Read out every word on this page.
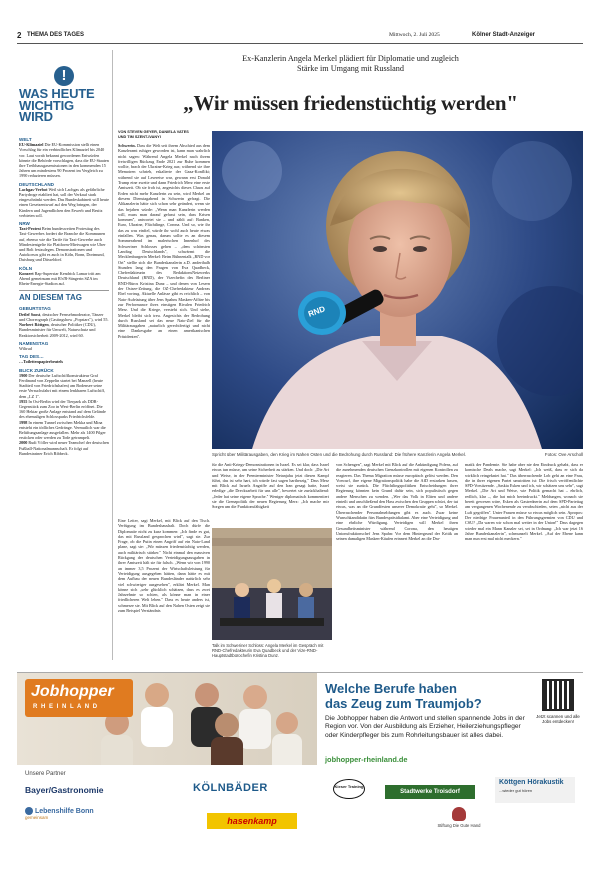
2 THEMA DES TAGES	Mittwoch, 2. Juli 2025	Kölner Stadt-Anzeiger
!
WAS HEUTE
WICHTIG
WIRD
WELT
EU-Klimaziel Die EU-Kommission stellt einen Vorschlag für ein verbindliches Klimaziel bis 2040 vor. Laut vorab bekannt gewordenen Entwürfen könnte die Behörde vorschlagen, dass die EU-Staaten ihre Treibhausgasemissionen in den kommenden 15 Jahren um mindestens 90 Prozent im Vergleich zu 1990 reduzieren müssen.
DEUTSCHLAND
Lachgas-Verbot Weil sich Lachgas als gefährliche Partydroge etabliert hat, soll der Verkauf stark eingeschränkt werden. Das Bundeskabinett will heute einen Gesetzentwurf auf den Weg bringen, der Kindern und Jugendlichen den Erwerb und Besitz verbieten soll.
NRW
Taxi-Protest Beim bundesweiten Protesttag des Taxi-Gewerbes fordert die Branche die Kommunen auf, ebenso wie die Tarife für Taxi-Gewerbe auch Mindestentgelte für Plattform-Mietwagen wie Uber und Bolt festzulegen. Demonstrationen und Autokorsos gibt es auch in Köln, Bonn, Dortmund, Duisburg und Düsseldorf.
KÖLN
Konzert Rap-Superstar Kendrick Lamar tritt am Abend gemeinsam mit R'n'B-Sängerin SZA im Rhein-Energie-Stadion auf.
AN DIESEM TAG
GEBURTSTAG
Detlef Soost, deutscher Fernsehmoderator, Tänzer und Choreograph (Castingshow „Popstars"), wird 55.
Norbert Röttgen, deutscher Politiker (CDU), Bundesminister für Umwelt, Naturschutz und Reaktorsicherheit 2009-2012, wird 60.
NAMENSTAG
Wiltrud
TAG DES…
…Toilettenpapierbeutels
BLICK ZURÜCK
1900 Der deutsche Luftschiffkonstrukteur Graf Ferdinand von Zeppelin startet bei Manzell (heute Stadtteil von Friedrichshafen) am Bodensee seine erste Versuchsfahrt mit einem lenkbaren Luftschiff, dem „LZ 1".
1955 In Ost-Berlin wird der Tierpark als DDR-Gegenstück zum Zoo in West-Berlin eröffnet. Die 160 Hektar große Anlage entstand auf dem Gelände des ehemaligen Schlossparks Friedrichsfelde.
1998 In einem Tunnel zwischen Mekka und Mina entsteht ein tödliches Gedränge. Vermutlich war die Belüftungsanlage ausgefallen. Mehr als 1400 Pilger ersticken oder werden zu Tode getrampelt.
2000 Rudi Völler wird neuer Teamchef der deutschen Fußball-Nationalmannschaft. Er folgt auf Bundestrainer Erich Ribbeck.
Ex-Kanzlerin Angela Merkel plädiert für Diplomatie und zugleich
Stärke im Umgang mit Russland
„Wir müssen friedenstüchtig werden"
VON STEVEN GEYER, DANIELA VATES
UND TIM SZENT-IVANYI
Schwerin. Dass die Welt seit ihrem Abschied aus dem Kanzleramt ruhiger geworden ist, kann man wahrlich nicht sagen: Während Angela Merkel nach ihrem freiwilligen Rückzug Ende 2021 zur Ruhe kommen wollte, brach der Ukraine-Krieg aus; während sie ihre Memoiren schrieb, eskalierte der Gaza-Konflikt; während sie auf Lesereise war, gewann erst Donald Trump eine zweite und dann Friedrich Merz eine erste Amtszeit. Ob sie froh ist, angesichts dieses Chaos auf Erden nicht mehr Kanzlerin zu sein, wird Merkel an diesem Dienstagabend in Schwerin gefragt. Die Altkanzlerin hätte sich schon sehr geändert, wenn sie das bejahen würde: „Wenn man Kanzlerin werden will, muss man darauf gefasst sein, dass Krisen kommen", antwortet sie – und zählt auf: Banken, Euro, Ukraine, Flüchtlinge, Corona. Und so, wie ihr das zu was einfiel, würde ihr wohl auch heute etwas einfallen. Was genau, darum sollte es an diesem Sommerabend im malerischen Innenhof des Schweriner Schlosses gehen – „dem schönsten Landtag Deutschlands", schwärmt die Mecklenburgerin Merkel: Beim Bühnentalk „RND vor Ort" stellte sich die Bundeskanzlerin a.D. anderthalb Stunden lang den Fragen von Eva Quadbeck, Chefredakteurin des RedaktionsNetzwerks Deutschland (RND), der Vizechefin des Berliner RND-Büros Kristina Dunz – und denen von Lesern der Ostsee-Zeitung, die OZ-Chefredakteur Andreas Ebel vortrug. Aktuelle Anlässe gibt es reichlich – von Nato-Aufrüstung über Jens Spahns Masken-Affäre bis zur Performance ihres einstigen Rivalen Friedrich Merz. Und die Kriege, versteht sich. Und siehe, Merkel bleibt sich treu. Angesichts der Bedrohung durch Russland sei das neue Nato-Ziel für die Militärausgaben „naturlich gerechtfertigt und nicht eine Dankesgabe an einen amerikanischen Präsidenten".
Eine Leiter, sagt Merkel, mit Blick auf den Tisch. Verfügung im Bundeshaushalt. Doch dürfe die Diplomatie nicht zu kurz kommen: „Ich finde es gut, das mit Russland gesprochen wird", sagt sie. Zur Frage, ob die Putin einen Angriff auf ein Nato-Land plane, sagt sie: „Wir müssen friedenstüchtig werden, auch militärisch stärker." Nicht einmal den massiven Rückgang der deutschen Verteidigungsausgaben in ihrer Amtszeit hält sie für falsch. „Wenn wir von 1990 an immer 3,5 Prozent der Wirtschaftsleistung für Verteidigung ausgegeben hätten, dann hätte es mit dem Aufbau der neuen Bundesländer natürlich sehr viel schwieriger ausgesehen", erklärt Merkel. Man könne sich „sehr glücklich schätzen, dass es zwei Jahrzehnte so schien, als könne man in einer friedlicheren Welt leben." Dass es heute anders ist, schmerze sie. Mit Blick auf den Nahen Osten zeigt sie zum Beispiel Verständnis
RND
Spricht über Militärausgaben, den Krieg im Nahen Osten und die Bedrohung durch Russland: Die frühere Kanzlerin Angela Merkel.	Fotos: Ove Arscholl
für die Anti-Kriegs-Demonstrationen in Israel. Es sei klar, dass Israel etwas tun müsse, um seine Sicherheit zu stärken. Und doch: „Die Art und Weise, in der Premierminister Netanjahu jetzt diesen Kampf führt, das ist sehr hart, ich würde fast sagen hartherzig." Dass Merz mit Blick auf Israels Angriffe auf den Iran gesagt hatte, Israel erledige „die Drecksarbeit für uns alle", bewertet sie zurückhaltend: „Jeder hat seine eigene Sprache." Weniger diplomatisch kommentiert sie die Grenzpolitik der neuen Regierung Merz: „Ich mache mir Sorgen um die Funktionsfähigkeit
von Schengen", sagt Merkel mit Blick auf die Ankündigung Polens, auf die zunehmenden deutschen Grenzkontrollen mit eigenen Kontrollen zu reagieren. Das Thema Migration müsse europäisch gelöst werden. Den Vorwurf, ihre eigene Migrationspolitik habe die AfD erstarken lassen, weist sie zurück. Die Flüchtlingspolitiken Entscheidungen ihrer Regierung könnten kein Grund dafür sein, sich populistisch gegen andere Menschen zu wenden. „Wer das Volk in Eliten und andere einteilt und anschließend den Hass zwischen den Gruppen schürt, der tut etwas, was an die Grundfesten unserer Demokratie geht", so Merkel. Überraschender Personalmeldungen gibt es auch. Zwar keine Wunschkandidatin fürs Bundespräsidialamt. Aber eine Verteidigung und eine ehrliche Würdigung. Verteidigen will Merkel ihren Gesundheitsminister während Corona, den heutigen Unionsfraktionschef Jens Spahn: Vor dem Hintergrund der Kritik an seinen damaligen Masken-Käufen erinnert Merkel an die Dra-
matik der Pandemie. Sie habe aber nie den Eindruck gehabt, dass er komische Deals mache, sagt Merkel: „Ich weiß, dass er sich da wirklich reingekniet hat." Das überraschende Lob geht an eine Frau, die in ihrer eigenen Partei umstritten ist: Die frisch veröffentlichte SPD-Vorsitzende. „Saskia Esken und ich, wir schätzen uns sehr", sagt Merkel. „Die Art und Weise, wie Politik gemacht hat – ehrlich, redlich, klar –, die hat mich beeindruckt." Meldungen, wonach sie bereit gewesen wäre, Esken als Gastrednerin auf dem SPD-Parteitag am vergangenen Wochenende zu verabschieden, seien „nicht aus der Luft gegriffen". Unter Frauen müsse so etwas möglich sein. Apropos: Der niedrige Frauenanteil in den Führungsgremien von CDU und CSU? „Da waren wir schon mal weiter in der Union!" Dass dagegen wieder mal ein Mann Kanzler sei, sei in Ordnung: „Ich war jetzt 16 Jahre Bundeskanzlerin", schmunzelt Merkel. „Auf der Ebene kann man nun erst mal nicht meckern."
Talk im Schweriner Schloss: Angela Merkel im Gespräch mit RND-Chefredakteurin Eva Quadbeck und der Vize-RND-Hauptstadtbürochefin Kristina Dunz.
Jobhopper
R H E I N L A N D
Welche Berufe haben
das Zeug zum Traumjob?
Die Jobhopper haben die Antwort und stellen spannende Jobs in der Region vor. Von der Ausbildung als Erzieher, Heilerziehungspfleger oder Kinderpfleger bis zum Rohrleitungsbauer ist alles dabei.
jobhopper-rheinland.de
Jetzt scannen und alle Jobs entdecken!
Unsere Partner
Bayer/Gastronomie	KÖLNBÄDER	Kieser Training
Stadtwerke Troisdorf
Köttgen Hörakustik
...wieder gut hören
Lebenshilfe Bonn
gemeinsam	hasenkamp	Stiftung Die Gute Hand
